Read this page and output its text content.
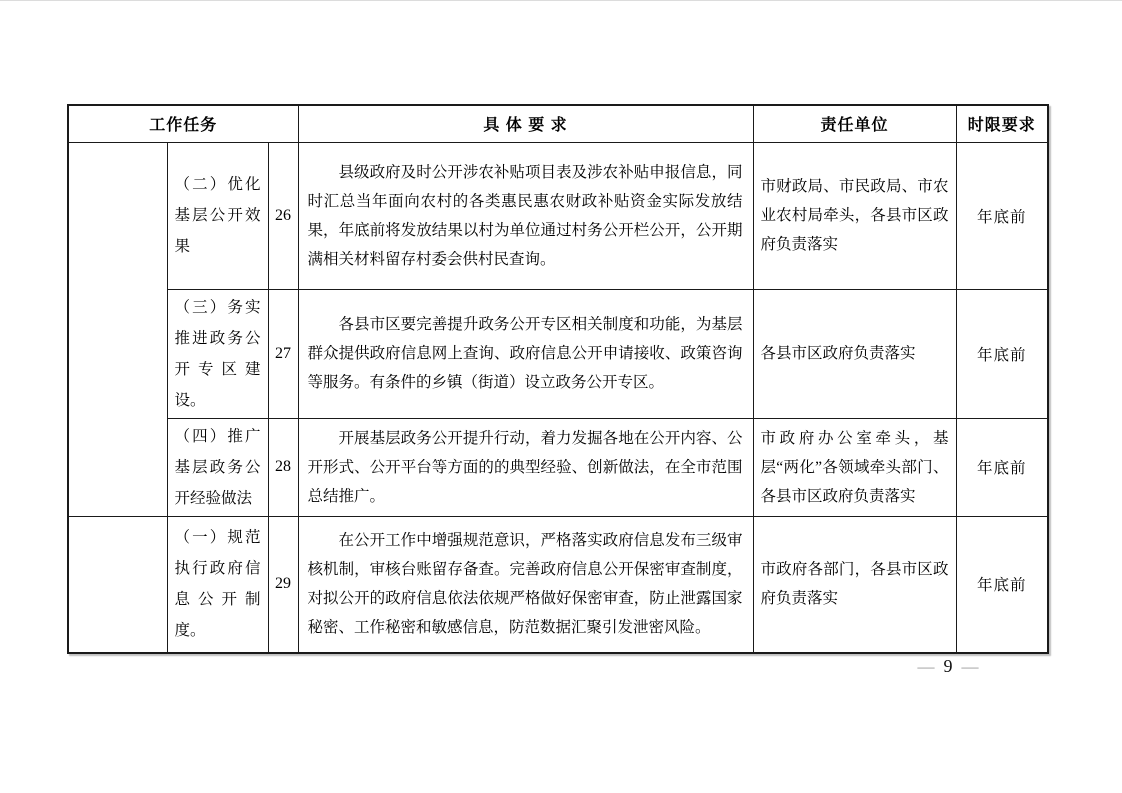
工作任务			具 体 要 求	责任单位	时限要求
	（二）优化基层公开效果	26	县级政府及时公开涉农补贴项目表及涉农补贴申报信息，同时汇总当年面向农村的各类惠民惠农财政补贴资金实际发放结果，年底前将发放结果以村为单位通过村务公开栏公开，公开期满相关材料留存村委会供村民查询。	市财政局、市民政局、市农业农村局牵头，各县市区政府负责落实	年底前
	（三）务实推进政务公开专区建设。	27	各县市区要完善提升政务公开专区相关制度和功能，为基层群众提供政府信息网上查询、政府信息公开申请接收、政策咨询等服务。有条件的乡镇（街道）设立政务公开专区。	各县市区政府负责落实	年底前
	（四）推广基层政务公开经验做法	28	开展基层政务公开提升行动，着力发掘各地在公开内容、公开形式、公开平台等方面的的典型经验、创新做法，在全市范围总结推广。	市政府办公室牵头，基层“两化”各领域牵头部门、各县市区政府负责落实	年底前
	（一）规范执行政府信息公开制度。	29	在公开工作中增强规范意识，严格落实政府信息发布三级审核机制，审核台账留存备查。完善政府信息公开保密审查制度，对拟公开的政府信息依法依规严格做好保密审查，防止泄露国家秘密、工作秘密和敏感信息，防范数据汇聚引发泄密风险。	市政府各部门，各县市区政府负责落实	年底前
— 9 —
